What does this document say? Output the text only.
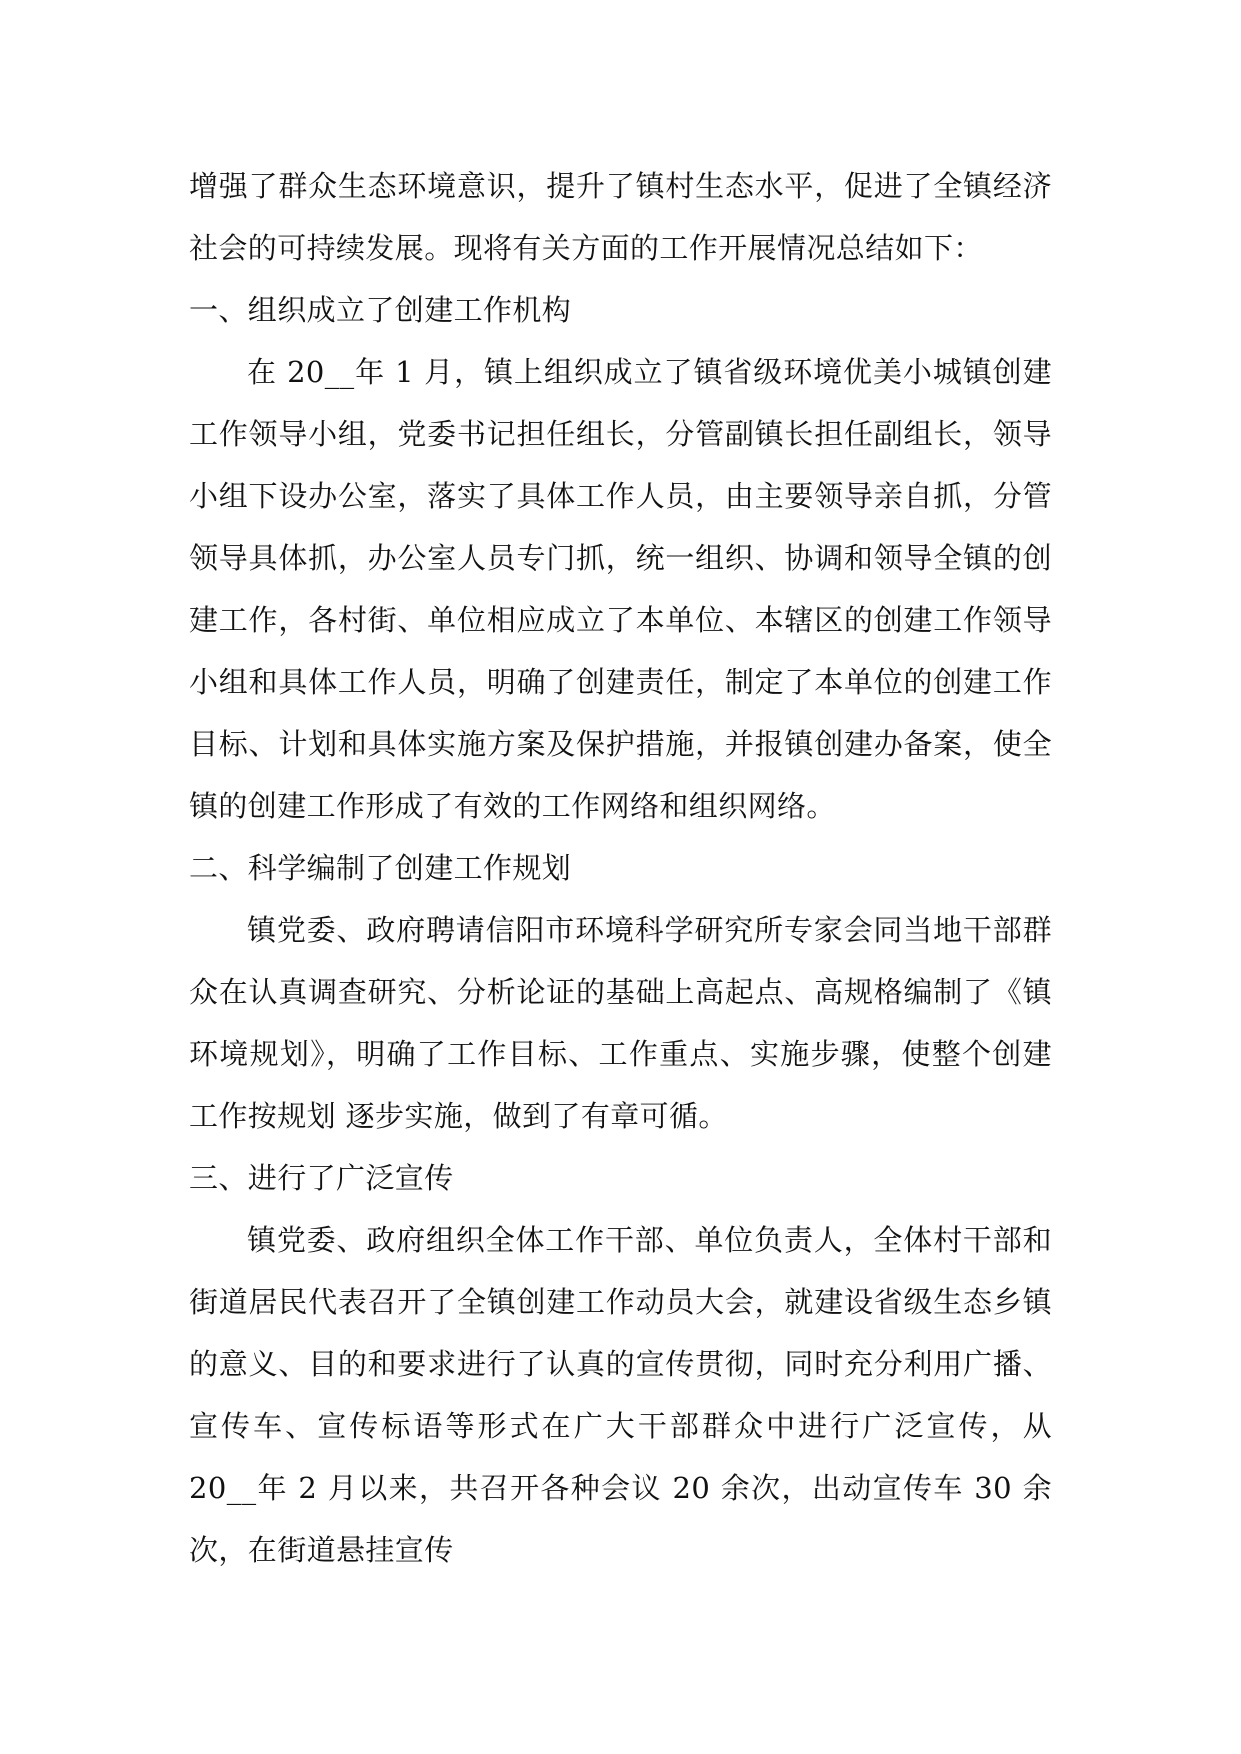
增强了群众生态环境意识，提升了镇村生态水平，促进了全镇经济社会的可持续发展。现将有关方面的工作开展情况总结如下：

一、组织成立了创建工作机构

在 20__年 1 月，镇上组织成立了镇省级环境优美小城镇创建工作领导小组，党委书记担任组长，分管副镇长担任副组长，领导小组下设办公室，落实了具体工作人员，由主要领导亲自抓，分管领导具体抓，办公室人员专门抓，统一组织、协调和领导全镇的创建工作，各村街、单位相应成立了本单位、本辖区的创建工作领导小组和具体工作人员，明确了创建责任，制定了本单位的创建工作目标、计划和具体实施方案及保护措施，并报镇创建办备案，使全镇的创建工作形成了有效的工作网络和组织网络。

二、科学编制了创建工作规划

镇党委、政府聘请信阳市环境科学研究所专家会同当地干部群众在认真调查研究、分析论证的基础上高起点、高规格编制了《镇环境规划》，明确了工作目标、工作重点、实施步骤，使整个创建工作按规划 逐步实施，做到了有章可循。

三、进行了广泛宣传

镇党委、政府组织全体工作干部、单位负责人，全体村干部和街道居民代表召开了全镇创建工作动员大会，就建设省级生态乡镇的意义、目的和要求进行了认真的宣传贯彻，同时充分利用广播、宣传车、宣传标语等形式在广大干部群众中进行广泛宣传，从 20__年 2 月以来，共召开各种会议 20 余次，出动宣传车 30 余次，在街道悬挂宣传
